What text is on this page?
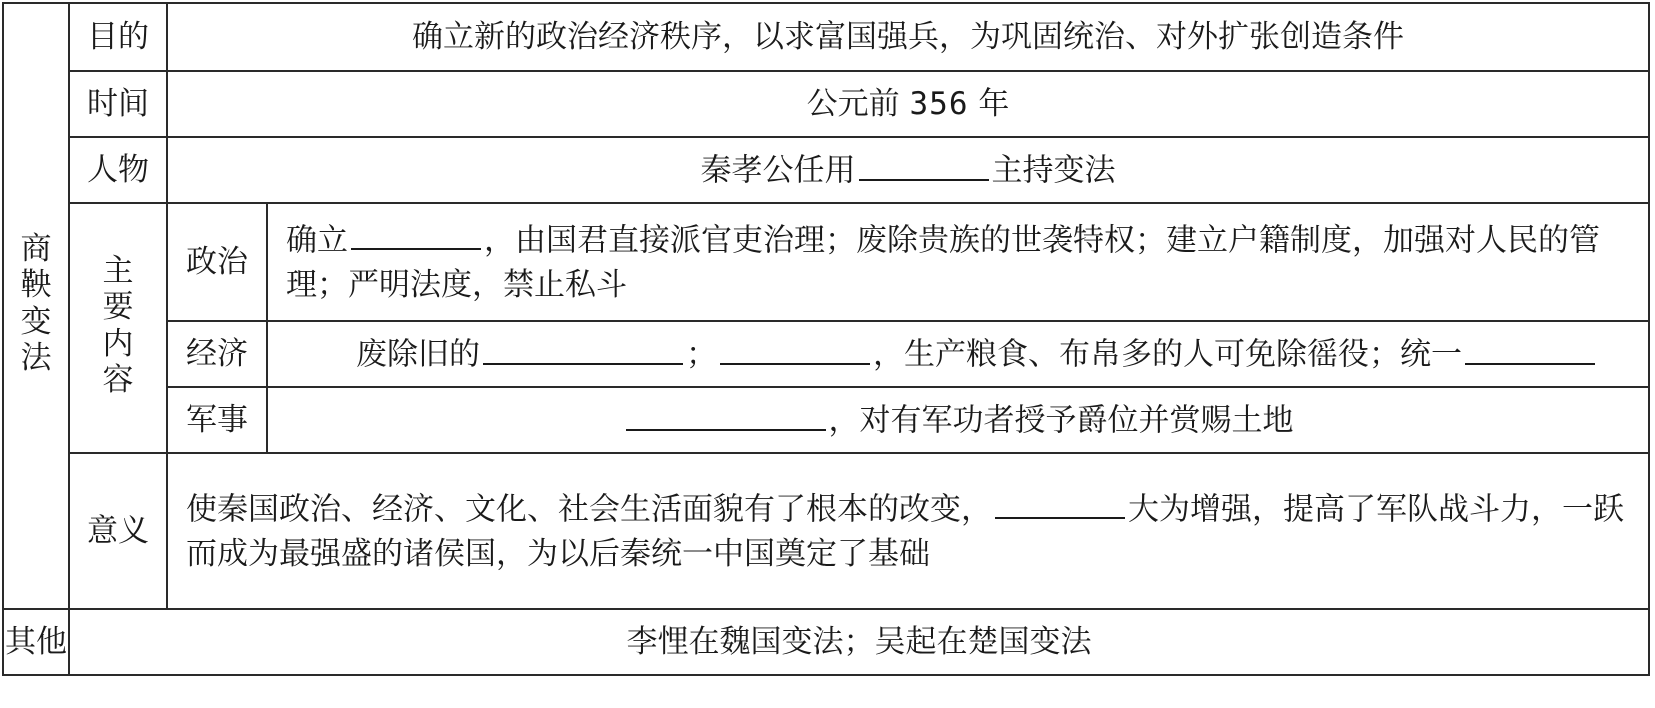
商鞅变法	目的	确立新的政治经济秩序，以求富国强兵，为巩固统治、对外扩张创造条件	
	时间	公元前 356 年	
	人物	秦孝公任用 主持变法	
	主要内容	政治	确立 ，由国君直接派官吏治理；废除贵族的世袭特权；建立户籍制度，加强对人民的管理；严明法度，禁止私斗
		经济	废除旧的 ； ，生产粮食、布帛多的人可免除徭役；统一
		军事	，对有军功者授予爵位并赏赐土地
	意义	使秦国政治、经济、文化、社会生活面貌有了根本的改变， 大为增强，提高了军队战斗力，一跃而成为最强盛的诸侯国，为以后秦统一中国奠定了基础	
其他	李悝在魏国变法；吴起在楚国变法		
